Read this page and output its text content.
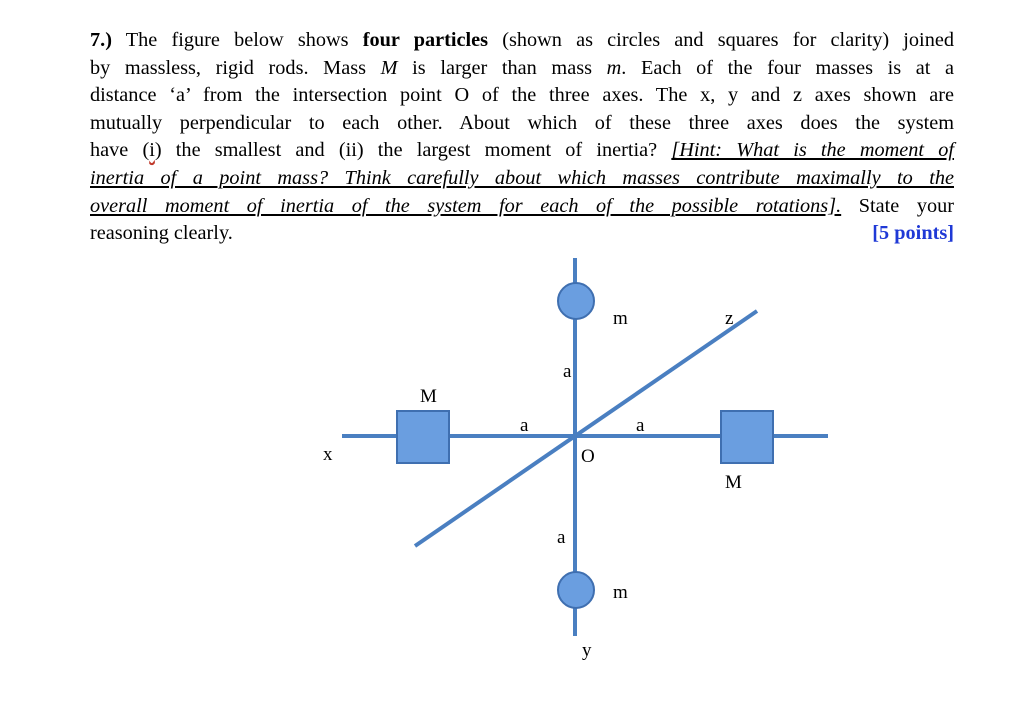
7.) The figure below shows four particles (shown as circles and squares for clarity) joined
by massless, rigid rods. Mass M is larger than mass m. Each of the four masses is at a
distance ‘a’ from the intersection point O of the three axes. The x, y and z axes shown are
mutually perpendicular to each other. About which of these three axes does the system
have (i) the smallest and (ii) the largest moment of inertia? [Hint: What is the moment of
inertia of a point mass? Think carefully about which masses contribute maximally to the
overall moment of inertia of the system for each of the possible rotations]. State your
reasoning clearly.	[5 points]
x
y
z
O
M
M
m
m
a
a
a	a
